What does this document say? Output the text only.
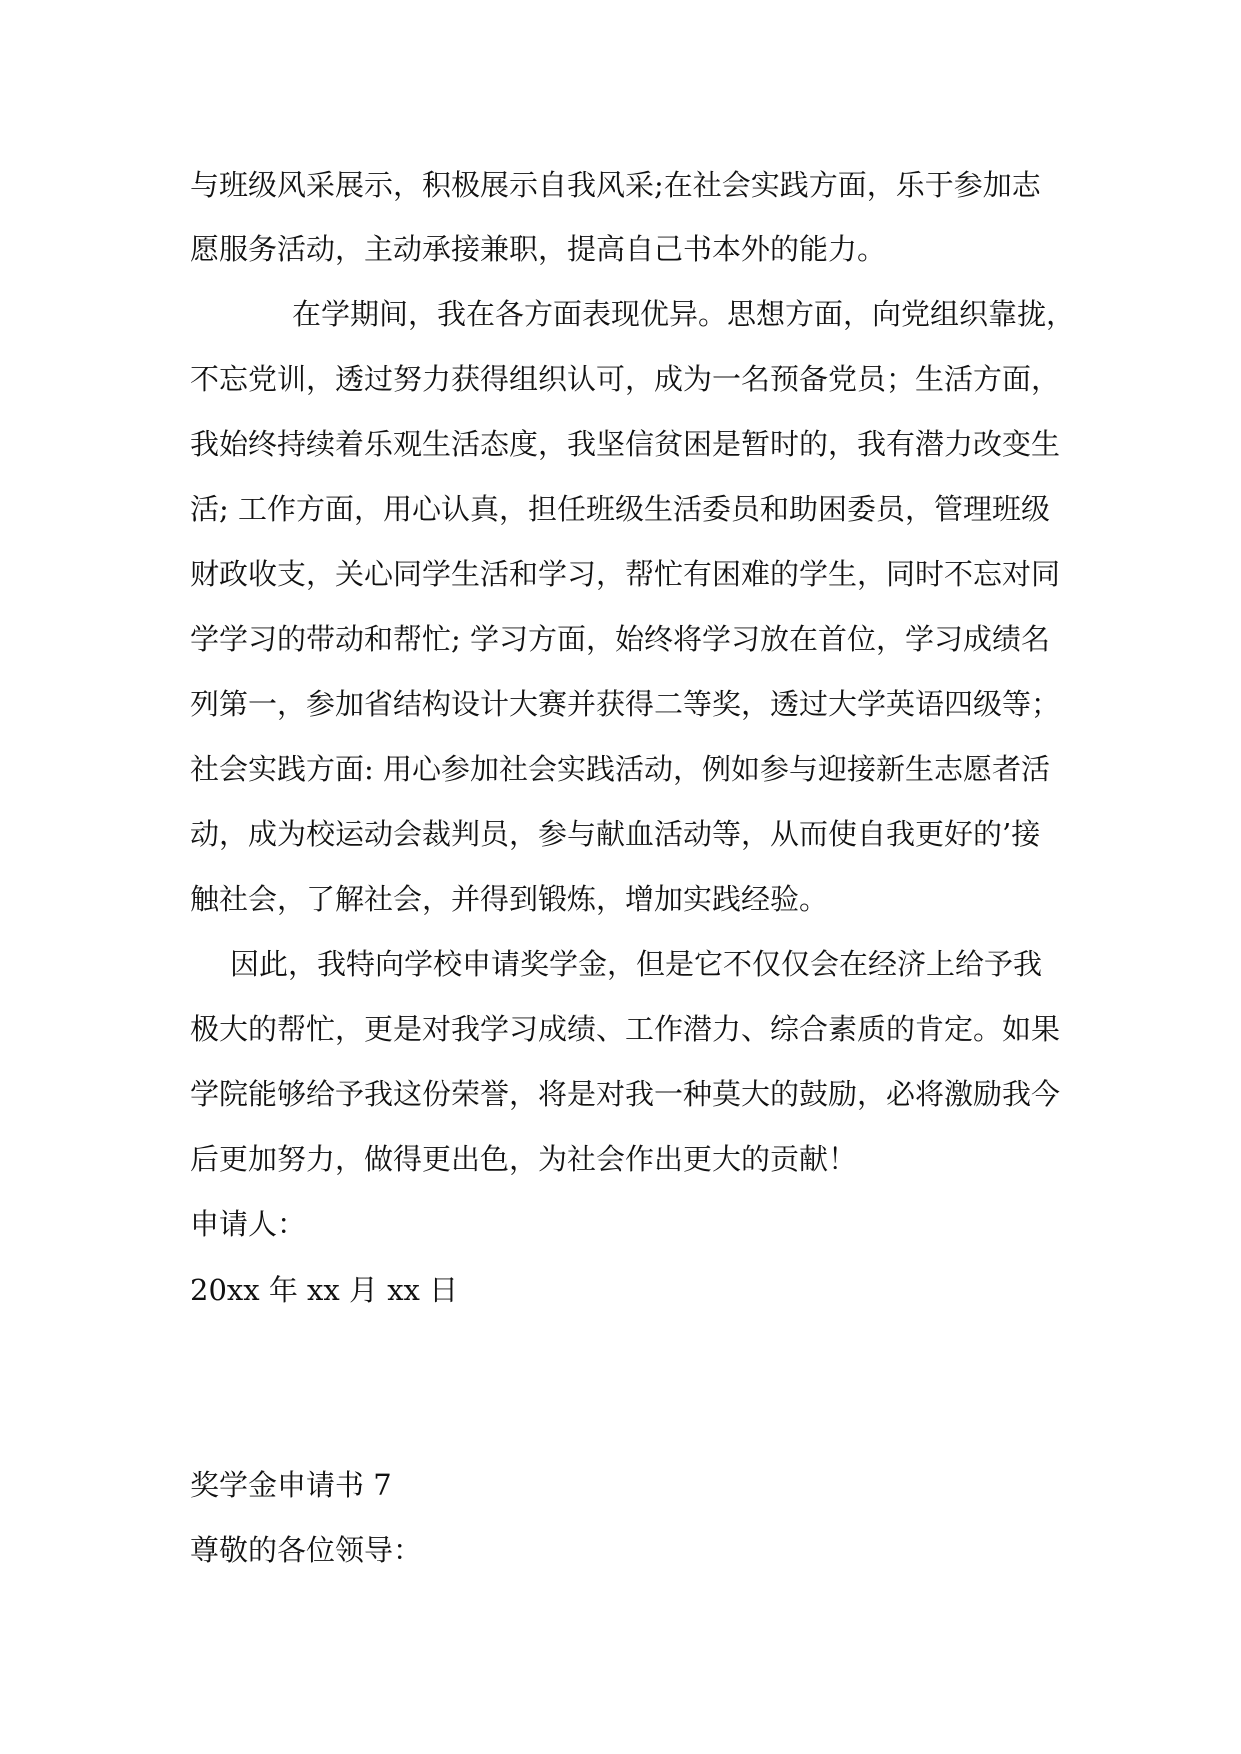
与班级风采展示，积极展示自我风采;在社会实践方面，乐于参加志
愿服务活动，主动承接兼职，提高自己书本外的能力。
在学期间，我在各方面表现优异。思想方面，向党组织靠拢，
不忘党训，透过努力获得组织认可，成为一名预备党员；生活方面，
我始终持续着乐观生活态度，我坚信贫困是暂时的，我有潜力改变生
活; 工作方面，用心认真，担任班级生活委员和助困委员，管理班级
财政收支，关心同学生活和学习，帮忙有困难的学生，同时不忘对同
学学习的带动和帮忙; 学习方面，始终将学习放在首位，学习成绩名
列第一，参加省结构设计大赛并获得二等奖，透过大学英语四级等；
社会实践方面: 用心参加社会实践活动，例如参与迎接新生志愿者活
动，成为校运动会裁判员，参与献血活动等，从而使自我更好的’接
触社会，了解社会，并得到锻炼，增加实践经验。
因此，我特向学校申请奖学金，但是它不仅仅会在经济上给予我
极大的帮忙，更是对我学习成绩、工作潜力、综合素质的肯定。如果
学院能够给予我这份荣誉，将是对我一种莫大的鼓励，必将激励我今
后更加努力，做得更出色，为社会作出更大的贡献！
申请人：
20xx 年 xx 月 xx 日
奖学金申请书 7
尊敬的各位领导：
